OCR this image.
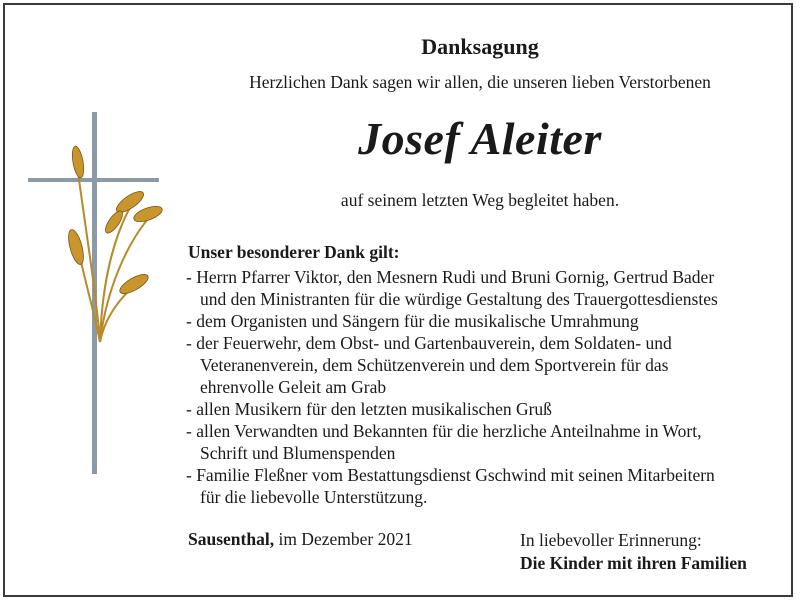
Danksagung
Herzlichen Dank sagen wir allen, die unseren lieben Verstorbenen
Josef Aleiter
auf seinem letzten Weg begleitet haben.
Unser besonderer Dank gilt:
- Herrn Pfarrer Viktor, den Mesnern Rudi und Bruni Gornig, Gertrud Bader
und den Ministranten für die würdige Gestaltung des Trauergottesdienstes
- dem Organisten und Sängern für die musikalische Umrahmung
- der Feuerwehr, dem Obst- und Gartenbauverein, dem Soldaten- und
Veteranenverein, dem Schützenverein und dem Sportverein für das
ehrenvolle Geleit am Grab
- allen Musikern für den letzten musikalischen Gruß
- allen Verwandten und Bekannten für die herzliche Anteilnahme in Wort,
Schrift und Blumenspenden
- Familie Fleßner vom Bestattungsdienst Gschwind mit seinen Mitarbeitern
für die liebevolle Unterstützung.
Sausenthal, im Dezember 2021	In liebevoller Erinnerung:
Die Kinder mit ihren Familien
